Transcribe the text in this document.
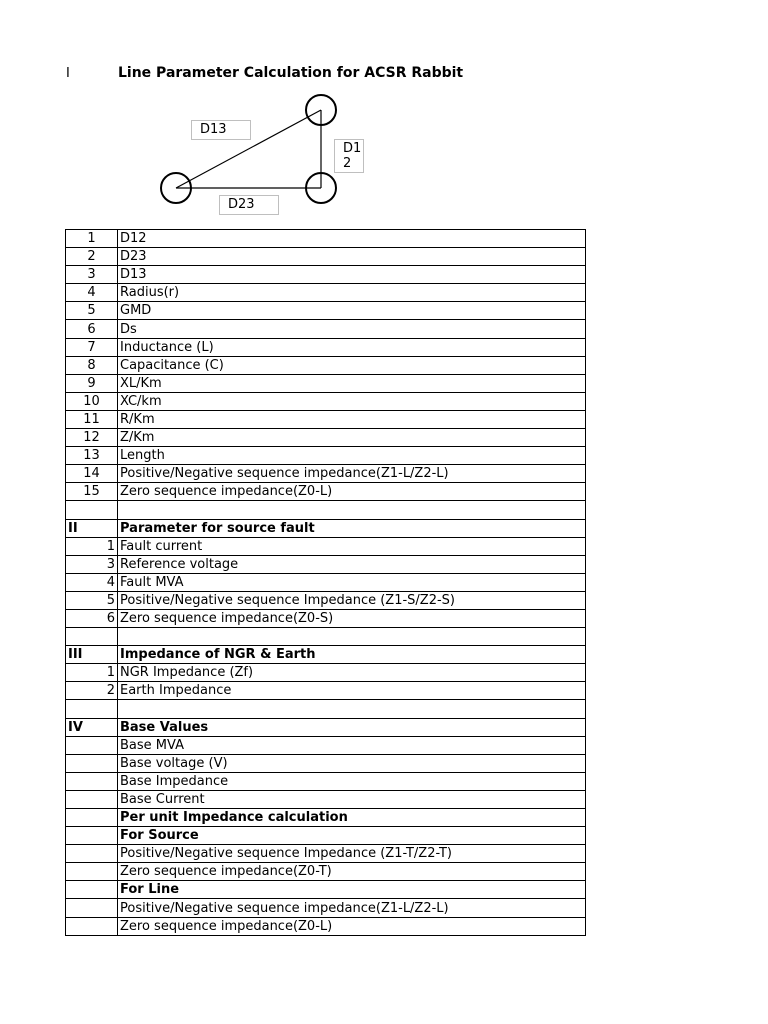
I	Line Parameter Calculation for ACSR Rabbit
D13
D1
2
D23
1	D12
2	D23
3	D13
4	Radius(r)
5	GMD
6	Ds
7	Inductance (L)
8	Capacitance (C)
9	XL/Km
10	XC/km
11	R/Km
12	Z/Km
13	Length
14	Positive/Negative sequence impedance(Z1-L/Z2-L)
15	Zero sequence impedance(Z0-L)

II	Parameter for source fault
1	Fault current
3	Reference voltage
4	Fault MVA
5	Positive/Negative sequence Impedance (Z1-S/Z2-S)
6	Zero sequence impedance(Z0-S)

III	Impedance of NGR & Earth
1	NGR Impedance (Zf)
2	Earth Impedance

IV	Base Values
	Base MVA
	Base voltage (V)
	Base Impedance
	Base Current
	Per unit Impedance calculation
	For Source
	Positive/Negative sequence Impedance (Z1-T/Z2-T)
	Zero sequence impedance(Z0-T)
	For Line
	Positive/Negative sequence impedance(Z1-L/Z2-L)
	Zero sequence impedance(Z0-L)
